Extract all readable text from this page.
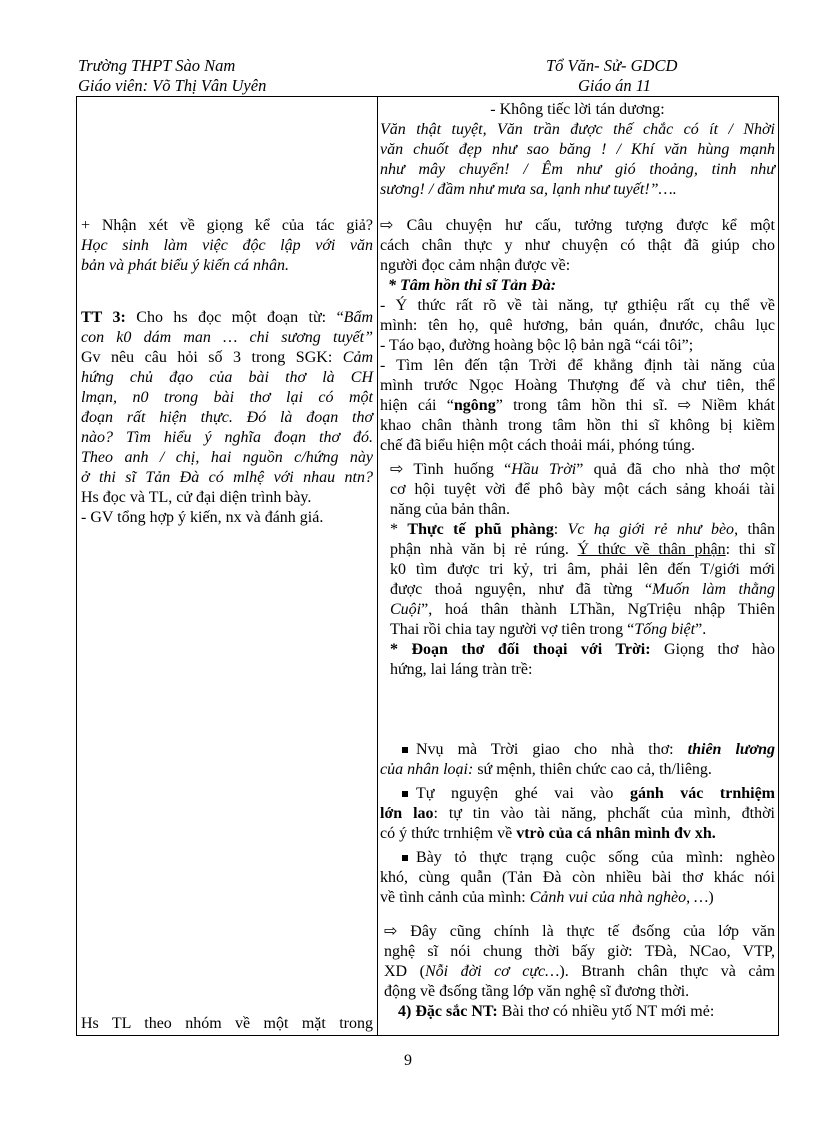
Trường THPT Sào Nam
Giáo viên: Võ Thị Vân Uyên
Tổ Văn- Sử- GDCD
Giáo án 11
+ Nhận xét về giọng kể của tác giả?
Học sinh làm việc độc lập với văn
bản và phát biểu ý kiến cá nhân.
TT 3: Cho hs đọc một đoạn từ: “Bẩm
con k0 dám man … chi sương tuyết”
Gv nêu câu hỏi số 3 trong SGK: Cảm
hứng chủ đạo của bài thơ là CH
lmạn, n0 trong bài thơ lại có một
đoạn rất hiện thực. Đó là đoạn thơ
nào? Tìm hiểu ý nghĩa đoạn thơ đó.
Theo anh / chị, hai nguồn c/hứng này
ở thi sĩ Tản Đà có mlhệ với nhau ntn?
Hs đọc và TL, cử đại diện trình bày.
- GV tổng hợp ý kiến, nx và đánh giá.
Hs TL theo nhóm về một mặt trong
- Không tiếc lời tán dương:
Văn thật tuyệt, Văn trần được thế chắc có ít / Nhời
văn chuốt đẹp như sao băng ! / Khí văn hùng mạnh
như mây chuyển! / Êm như gió thoảng, tinh như
sương! / đầm như mưa sa, lạnh như tuyết!”….
⇨ Câu chuyện hư cấu, tưởng tượng được kể một
cách chân thực y như chuyện có thật đã giúp cho
người đọc cảm nhận được về:
* Tâm hồn thi sĩ Tản Đà:
- Ý thức rất rõ về tài năng, tự gthiệu rất cụ thể về
mình: tên họ, quê hương, bản quán, đnước, châu lục
- Táo bạo, đường hoàng bộc lộ bản ngã “cái tôi”;
- Tìm lên đến tận Trời để khẳng định tài năng của
mình trước Ngọc Hoàng Thượng đế và chư tiên, thể
hiện cái “ngông” trong tâm hồn thi sĩ. ⇨ Niềm khát
khao chân thành trong tâm hồn thi sĩ không bị kiềm
chế đã biểu hiện một cách thoải mái, phóng túng.
⇨ Tình huống “Hầu Trời” quả đã cho nhà thơ một
cơ hội tuyệt vời để phô bày một cách sảng khoái tài
năng của bản thân.
* Thực tế phũ phàng: Vc hạ giới rẻ như bèo, thân
phận nhà văn bị rẻ rúng. Ý thức về thân phận: thi sĩ
k0 tìm được tri kỷ, tri âm, phải lên đến T/giới mới
được thoả nguyện, như đã từng “Muốn làm thằng
Cuội”, hoá thân thành LThần, NgTriệu nhập Thiên
Thai rồi chia tay người vợ tiên trong “Tống biệt”.
* Đoạn thơ đối thoại với Trời: Giọng thơ hào
hứng, lai láng tràn trề:
Nvụ mà Trời giao cho nhà thơ: thiên lương
của nhân loại: sứ mệnh, thiên chức cao cả, th/liêng.
Tự nguyện ghé vai vào gánh vác trnhiệm
lớn lao: tự tin vào tài năng, phchất của mình, đthời
có ý thức trnhiệm về vtrò của cá nhân mình đv xh.
Bày tỏ thực trạng cuộc sống của mình: nghèo
khó, cùng quẫn (Tản Đà còn nhiều bài thơ khác nói
về tình cảnh của mình: Cảnh vui của nhà nghèo, …)
⇨ Đây cũng chính là thực tế đsống của lớp văn
nghệ sĩ nói chung thời bấy giờ: TĐà, NCao, VTP,
XD (Nỗi đời cơ cực…). Btranh chân thực và cảm
động về đsống tầng lớp văn nghệ sĩ đương thời.
4) Đặc sắc NT: Bài thơ có nhiều ytố NT mới mẻ:
9
